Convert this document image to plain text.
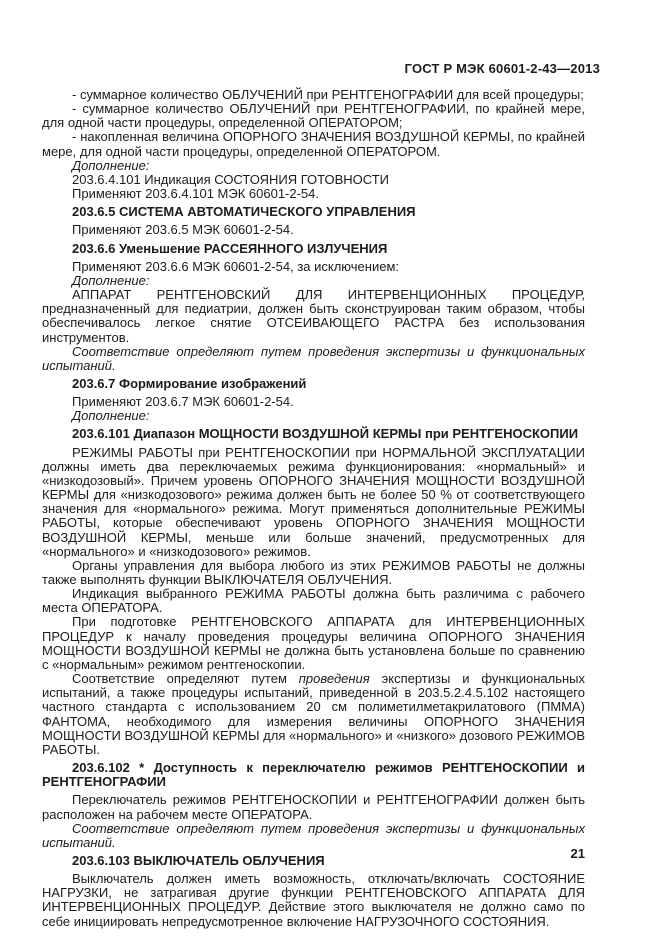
ГОСТ Р МЭК 60601-2-43—2013

- суммарное количество ОБЛУЧЕНИЙ при РЕНТГЕНОГРАФИИ для всей процедуры;

- суммарное количество ОБЛУЧЕНИЙ при РЕНТГЕНОГРАФИИ, по крайней мере, для одной части процедуры, определенной ОПЕРАТОРОМ;

- накопленная величина ОПОРНОГО ЗНАЧЕНИЯ ВОЗДУШНОЙ КЕРМЫ, по крайней мере, для одной части процедуры, определенной ОПЕРАТОРОМ.

Дополнение:

203.6.4.101 Индикация СОСТОЯНИЯ ГОТОВНОСТИ

Применяют 203.6.4.101 МЭК 60601-2-54.

203.6.5 СИСТЕМА АВТОМАТИЧЕСКОГО УПРАВЛЕНИЯ

Применяют 203.6.5 МЭК 60601-2-54.

203.6.6 Уменьшение РАССЕЯННОГО ИЗЛУЧЕНИЯ

Применяют 203.6.6 МЭК 60601-2-54, за исключением:

Дополнение:

АППАРАТ РЕНТГЕНОВСКИЙ ДЛЯ ИНТЕРВЕНЦИОННЫХ ПРОЦЕДУР, предназначенный для педиатрии, должен быть сконструирован таким образом, чтобы обеспечивалось легкое снятие ОТСЕИВАЮЩЕГО РАСТРА без использования инструментов.

Соответствие определяют путем проведения экспертизы и функциональных испытаний.

203.6.7 Формирование изображений

Применяют 203.6.7 МЭК 60601-2-54.

Дополнение:

203.6.101 Диапазон МОЩНОСТИ ВОЗДУШНОЙ КЕРМЫ при РЕНТГЕНОСКОПИИ

РЕЖИМЫ РАБОТЫ при РЕНТГЕНОСКОПИИ при НОРМАЛЬНОЙ ЭКСПЛУАТАЦИИ должны иметь два переключаемых режима функционирования: «нормальный» и «низкодозовый». Причем уровень ОПОРНОГО ЗНАЧЕНИЯ МОЩНОСТИ ВОЗДУШНОЙ КЕРМЫ для «низкодозового» режима должен быть не более 50 % от соответствующего значения для «нормального» режима. Могут применяться дополнительные РЕЖИМЫ РАБОТЫ, которые обеспечивают уровень ОПОРНОГО ЗНАЧЕНИЯ МОЩНОСТИ ВОЗДУШНОЙ КЕРМЫ, меньше или больше значений, предусмотренных для «нормального» и «низкодозового» режимов.

Органы управления для выбора любого из этих РЕЖИМОВ РАБОТЫ не должны также выполнять функции ВЫКЛЮЧАТЕЛЯ ОБЛУЧЕНИЯ.

Индикация выбранного РЕЖИМА РАБОТЫ должна быть различима с рабочего места ОПЕРАТОРА.

При подготовке РЕНТГЕНОВСКОГО АППАРАТА для ИНТЕРВЕНЦИОННЫХ ПРОЦЕДУР к началу проведения процедуры величина ОПОРНОГО ЗНАЧЕНИЯ МОЩНОСТИ ВОЗДУШНОЙ КЕРМЫ не должна быть установлена больше по сравнению с «нормальным» режимом рентгеноскопии.

Соответствие определяют путем проведения экспертизы и функциональных испытаний, а также процедуры испытаний, приведенной в 203.5.2.4.5.102 настоящего частного стандарта с использованием 20 см полиметилметакрилатового (ПММА) ФАНТОМА, необходимого для измерения величины ОПОРНОГО ЗНАЧЕНИЯ МОЩНОСТИ ВОЗДУШНОЙ КЕРМЫ для «нормального» и «низкого» дозового РЕЖИМОВ РАБОТЫ.

203.6.102 * Доступность к переключателю режимов РЕНТГЕНОСКОПИИ и РЕНТГЕНОГРАФИИ

Переключатель режимов РЕНТГЕНОСКОПИИ и РЕНТГЕНОГРАФИИ должен быть расположен на рабочем месте ОПЕРАТОРА.

Соответствие определяют путем проведения экспертизы и функциональных испытаний.

203.6.103 ВЫКЛЮЧАТЕЛЬ ОБЛУЧЕНИЯ

Выключатель должен иметь возможность, отключать/включать СОСТОЯНИЕ НАГРУЗКИ, не затрагивая другие функции РЕНТГЕНОВСКОГО АППАРАТА ДЛЯ ИНТЕРВЕНЦИОННЫХ ПРОЦЕДУР. Действие этого выключателя не должно само по себе инициировать непредусмотренное включение НАГРУЗОЧНОГО СОСТОЯНИЯ.

21
